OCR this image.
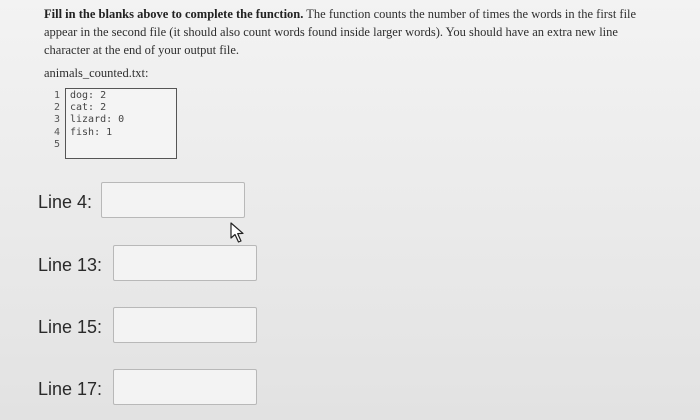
Fill in the blanks above to complete the function. The function counts the number of times the words in the first file appear in the second file (it should also count words found inside larger words). You should have an extra new line character at the end of your output file.
animals_counted.txt:
1
2
3
4
5
dog: 2
cat: 2
lizard: 0
fish: 1
Line 4:
Line 13:
Line 15:
Line 17:
